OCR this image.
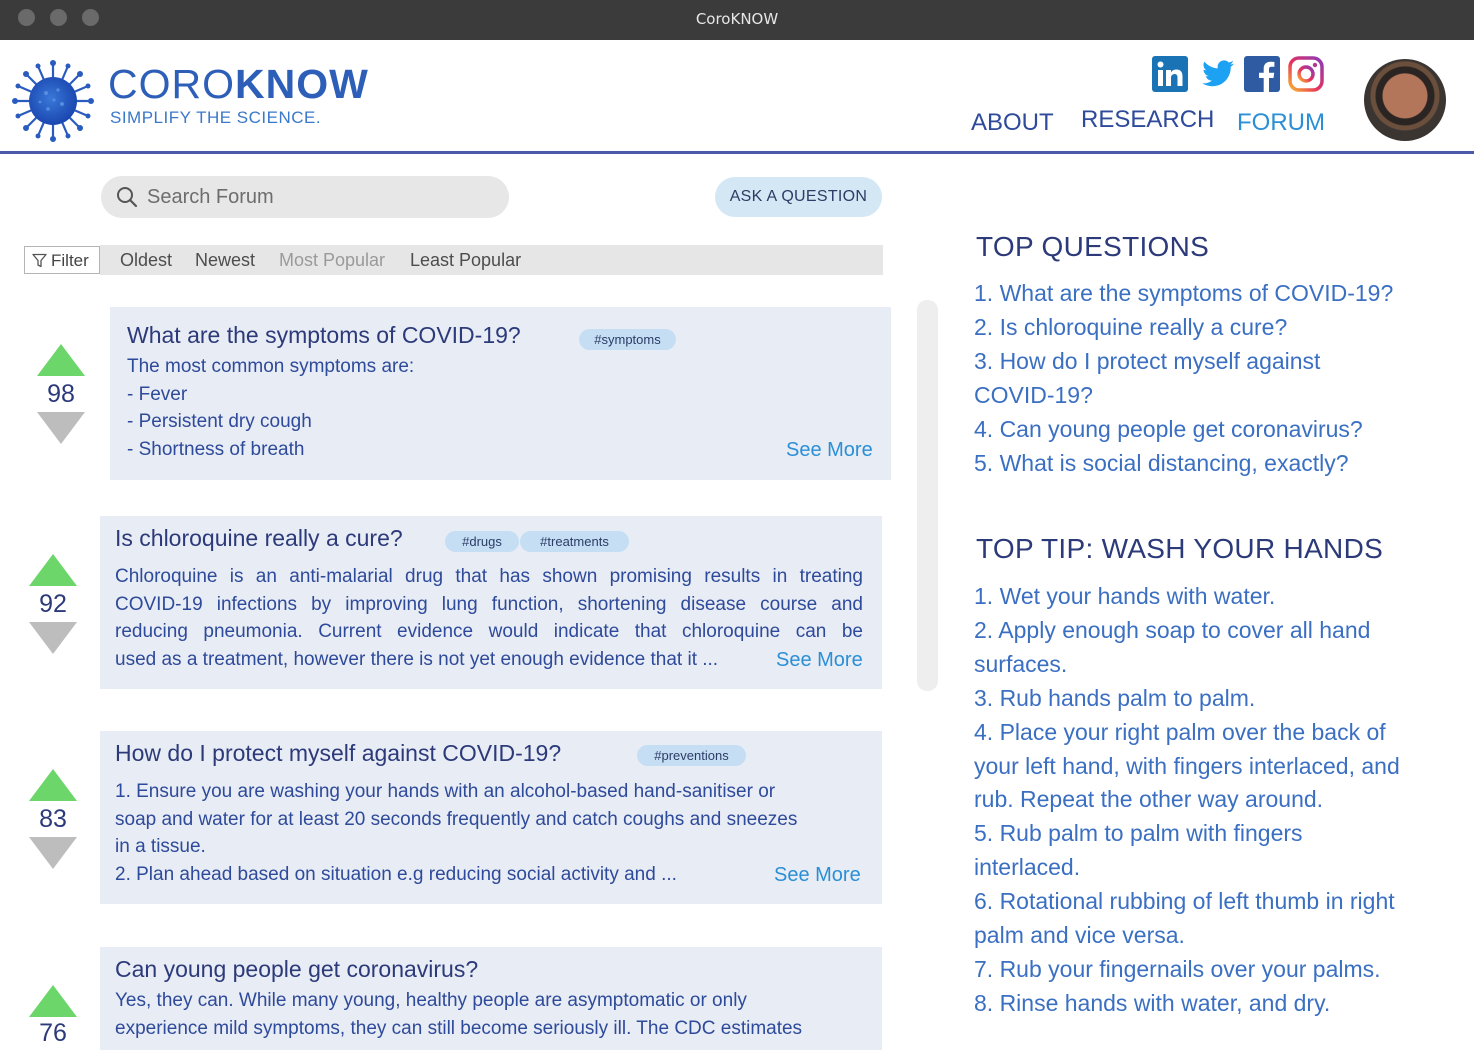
CoroKNOW
COROKNOW
SIMPLIFY THE SCIENCE.	ABOUT RESEARCH FORUM
Search Forum
ASK A QUESTION
Filter Oldest Newest Most Popular Least Popular
98
What are the symptoms of COVID-19?	#symptoms
The most common symptoms are:
- Fever
- Persistent dry cough
- Shortness of breath	See More
92
Is chloroquine really a cure?	#drugs	#treatments
Chloroquine is an anti-malarial drug that has shown promising results in treating
COVID-19 infections by improving lung function, shortening disease course and
reducing pneumonia. Current evidence would indicate that chloroquine can be
used as a treatment, however there is not yet enough evidence that it ...	See More
83
How do I protect myself against COVID-19?	#preventions
1. Ensure you are washing your hands with an alcohol-based hand-sanitiser or
soap and water for at least 20 seconds frequently and catch coughs and sneezes
in a tissue.
2. Plan ahead based on situation e.g reducing social activity and ...	See More
76
Can young people get coronavirus?
Yes, they can. While many young, healthy people are asymptomatic or only
experience mild symptoms, they can still become seriously ill. The CDC estimates
TOP QUESTIONS
1. What are the symptoms of COVID-19?
2. Is chloroquine really a cure?
3. How do I protect myself against COVID-19?
4. Can young people get coronavirus?
5. What is social distancing, exactly?
TOP TIP: WASH YOUR HANDS
1. Wet your hands with water.
2. Apply enough soap to cover all hand surfaces.
3. Rub hands palm to palm.
4. Place your right palm over the back of your left hand, with fingers interlaced, and rub. Repeat the other way around.
5. Rub palm to palm with fingers interlaced.
6. Rotational rubbing of left thumb in right palm and vice versa.
7. Rub your fingernails over your palms.
8. Rinse hands with water, and dry.
